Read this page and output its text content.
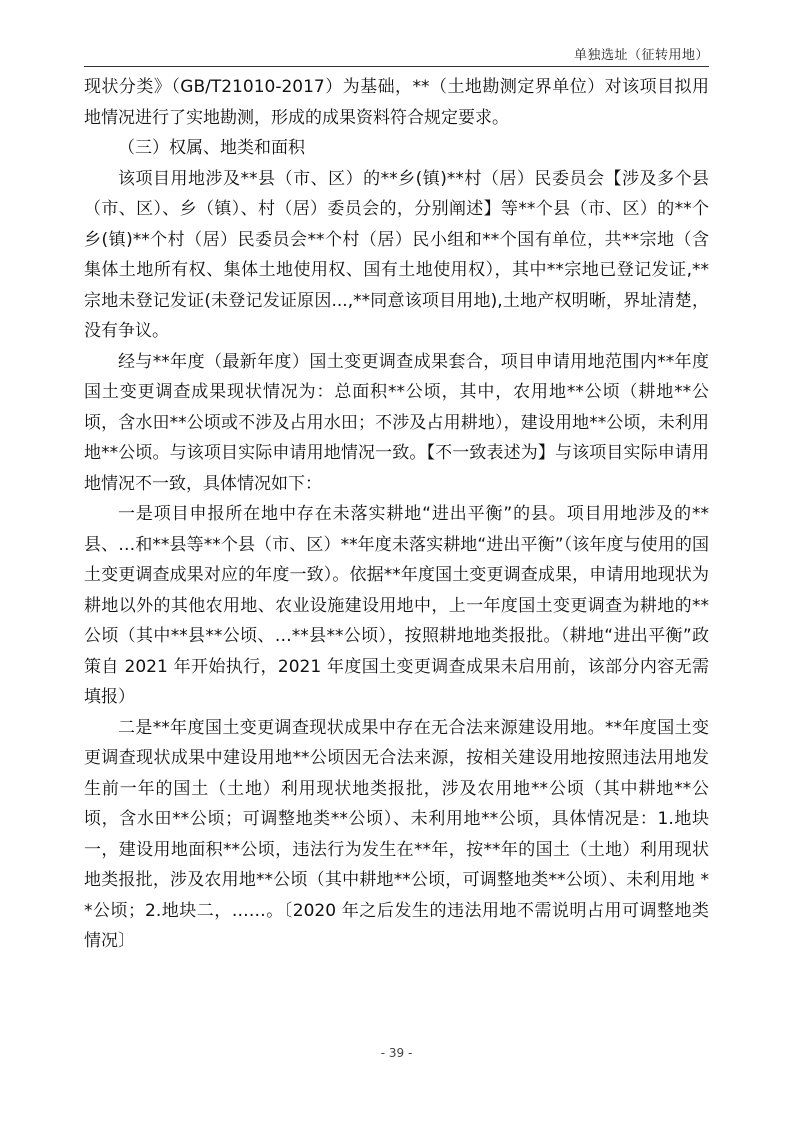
单独选址（征转用地）

现状分类》（GB/T21010-2017）为基础，**（土地勘测定界单位）对该项目拟用地情况进行了实地勘测，形成的成果资料符合规定要求。

（三）权属、地类和面积

该项目用地涉及**县（市、区）的**乡(镇)**村（居）民委员会【涉及多个县（市、区）、乡（镇）、村（居）委员会的，分别阐述】等**个县（市、区）的**个乡(镇)**个村（居）民委员会**个村（居）民小组和**个国有单位，共**宗地（含集体土地所有权、集体土地使用权、国有土地使用权），其中**宗地已登记发证,**宗地未登记发证(未登记发证原因...,**同意该项目用地),土地产权明晰，界址清楚，没有争议。

经与**年度（最新年度）国土变更调查成果套合，项目申请用地范围内**年度国土变更调查成果现状情况为：总面积**公顷，其中，农用地**公顷（耕地**公顷，含水田**公顷或不涉及占用水田；不涉及占用耕地），建设用地**公顷，未利用地**公顷。与该项目实际申请用地情况一致。【不一致表述为】与该项目实际申请用地情况不一致，具体情况如下：

一是项目申报所在地中存在未落实耕地“进出平衡”的县。项目用地涉及的**县、…和**县等**个县（市、区）**年度未落实耕地“进出平衡”（该年度与使用的国土变更调查成果对应的年度一致）。依据**年度国土变更调查成果，申请用地现状为耕地以外的其他农用地、农业设施建设用地中，上一年度国土变更调查为耕地的**公顷（其中**县**公顷、…**县**公顷），按照耕地地类报批。（耕地“进出平衡”政策自 2021 年开始执行，2021 年度国土变更调查成果未启用前，该部分内容无需填报）

二是**年度国土变更调查现状成果中存在无合法来源建设用地。**年度国土变更调查现状成果中建设用地**公顷因无合法来源，按相关建设用地按照违法用地发生前一年的国土（土地）利用现状地类报批，涉及农用地**公顷（其中耕地**公顷，含水田**公顷；可调整地类**公顷）、未利用地**公顷，具体情况是：1.地块一，建设用地面积**公顷，违法行为发生在**年，按**年的国土（土地）利用现状地类报批，涉及农用地**公顷（其中耕地**公顷，可调整地类**公顷）、未利用地 **公顷；2.地块二，……。〔2020 年之后发生的违法用地不需说明占用可调整地类情况〕

- 39 -
